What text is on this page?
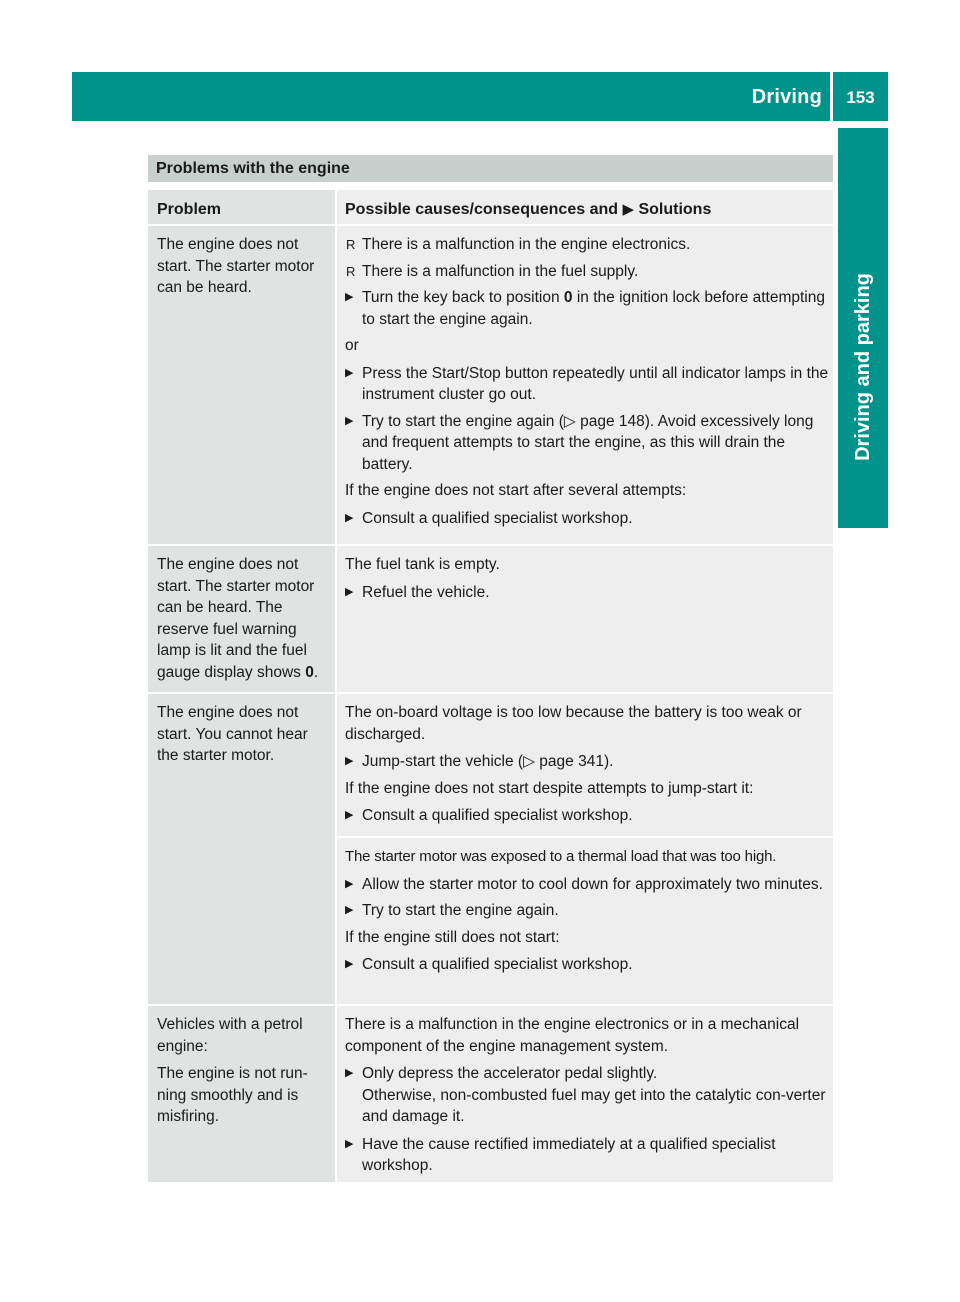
Driving	153
Driving and parking
Problems with the engine
Problem	Possible causes/consequences and ▶ Solutions
The engine does not start. The starter motor can be heard.
R There is a malfunction in the engine electronics.
R There is a malfunction in the fuel supply.
▶ Turn the key back to position 0 in the ignition lock before attempting to start the engine again.
or
▶ Press the Start/Stop button repeatedly until all indicator lamps in the instrument cluster go out.
▶ Try to start the engine again (▷ page 148). Avoid excessively long and frequent attempts to start the engine, as this will drain the battery.
If the engine does not start after several attempts:
▶ Consult a qualified specialist workshop.
The engine does not start. The starter motor can be heard. The reserve fuel warning lamp is lit and the fuel gauge display shows 0.
The fuel tank is empty.
▶ Refuel the vehicle.
The engine does not start. You cannot hear the starter motor.
The on-board voltage is too low because the battery is too weak or discharged.
▶ Jump-start the vehicle (▷ page 341).
If the engine does not start despite attempts to jump-start it:
▶ Consult a qualified specialist workshop.
The starter motor was exposed to a thermal load that was too high.
▶ Allow the starter motor to cool down for approximately two minutes.
▶ Try to start the engine again.
If the engine still does not start:
▶ Consult a qualified specialist workshop.
Vehicles with a petrol engine:
The engine is not run-ning smoothly and is misfiring.
There is a malfunction in the engine electronics or in a mechanical component of the engine management system.
▶ Only depress the accelerator pedal slightly.
Otherwise, non-combusted fuel may get into the catalytic con-verter and damage it.
▶ Have the cause rectified immediately at a qualified specialist workshop.
